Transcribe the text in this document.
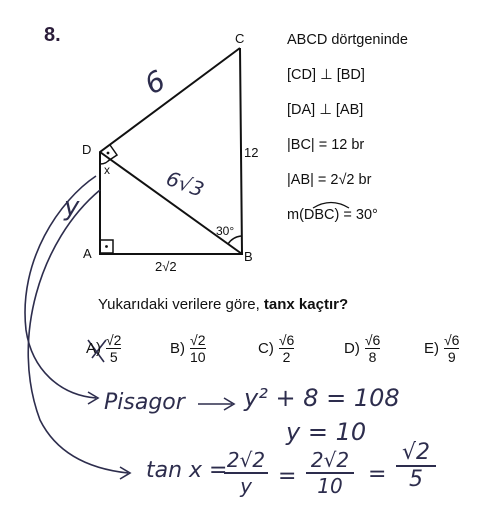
8.	C
D
A	B
x
12
2√2
30°
6
6√3
y
ABCD dörtgeninde
[CD] ⊥ [BD]
[DA] ⊥ [AB]
|BC| = 12 br
|AB| = 2√2 br
m(DBC) = 30°
Yukarıdaki verilere göre, tanx kaçtır?
$A) \frac{√2}{5}$	$B) \frac{√2}{10}$	$C) \frac{√6}{2}$	$D) \frac{√6}{8}$	$E) \frac{√6}{9}$
Pisagor y² + 8 = 108
y = 10
tan x = 2√2
y =
2√2
10 =
√2
5
